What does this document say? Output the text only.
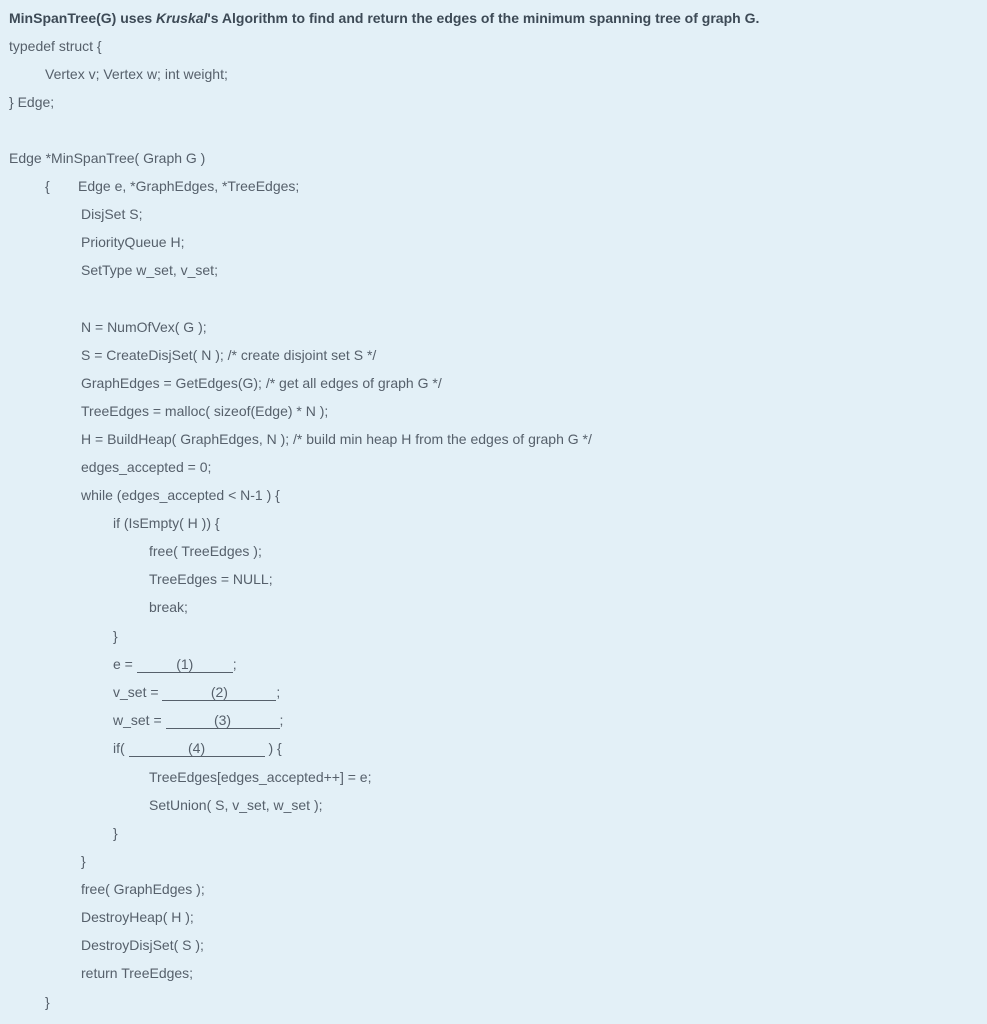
MinSpanTree(G) uses Kruskal's Algorithm to find and return the edges of the minimum spanning tree of graph G.
typedef struct {
Vertex v; Vertex w; int weight;
} Edge;
Edge *MinSpanTree( Graph G )
{ Edge e, *GraphEdges, *TreeEdges;
DisjSet S;
PriorityQueue H;
SetType w_set, v_set;
N = NumOfVex( G );
S = CreateDisjSet( N ); /* create disjoint set S */
GraphEdges = GetEdges(G); /* get all edges of graph G */
TreeEdges = malloc( sizeof(Edge) * N );
H = BuildHeap( GraphEdges, N ); /* build min heap H from the edges of graph G */
edges_accepted = 0;
while (edges_accepted < N-1 ) {
if (IsEmpty( H )) {
free( TreeEdges );
TreeEdges = NULL;
break;
}
e =	(1)	;
v_set =	(2)	;
w_set =	(3)	;
if(	(4)	) {
TreeEdges[edges_accepted++] = e;
SetUnion( S, v_set, w_set );
}
}
free( GraphEdges );
DestroyHeap( H );
DestroyDisjSet( S );
return TreeEdges;
}
